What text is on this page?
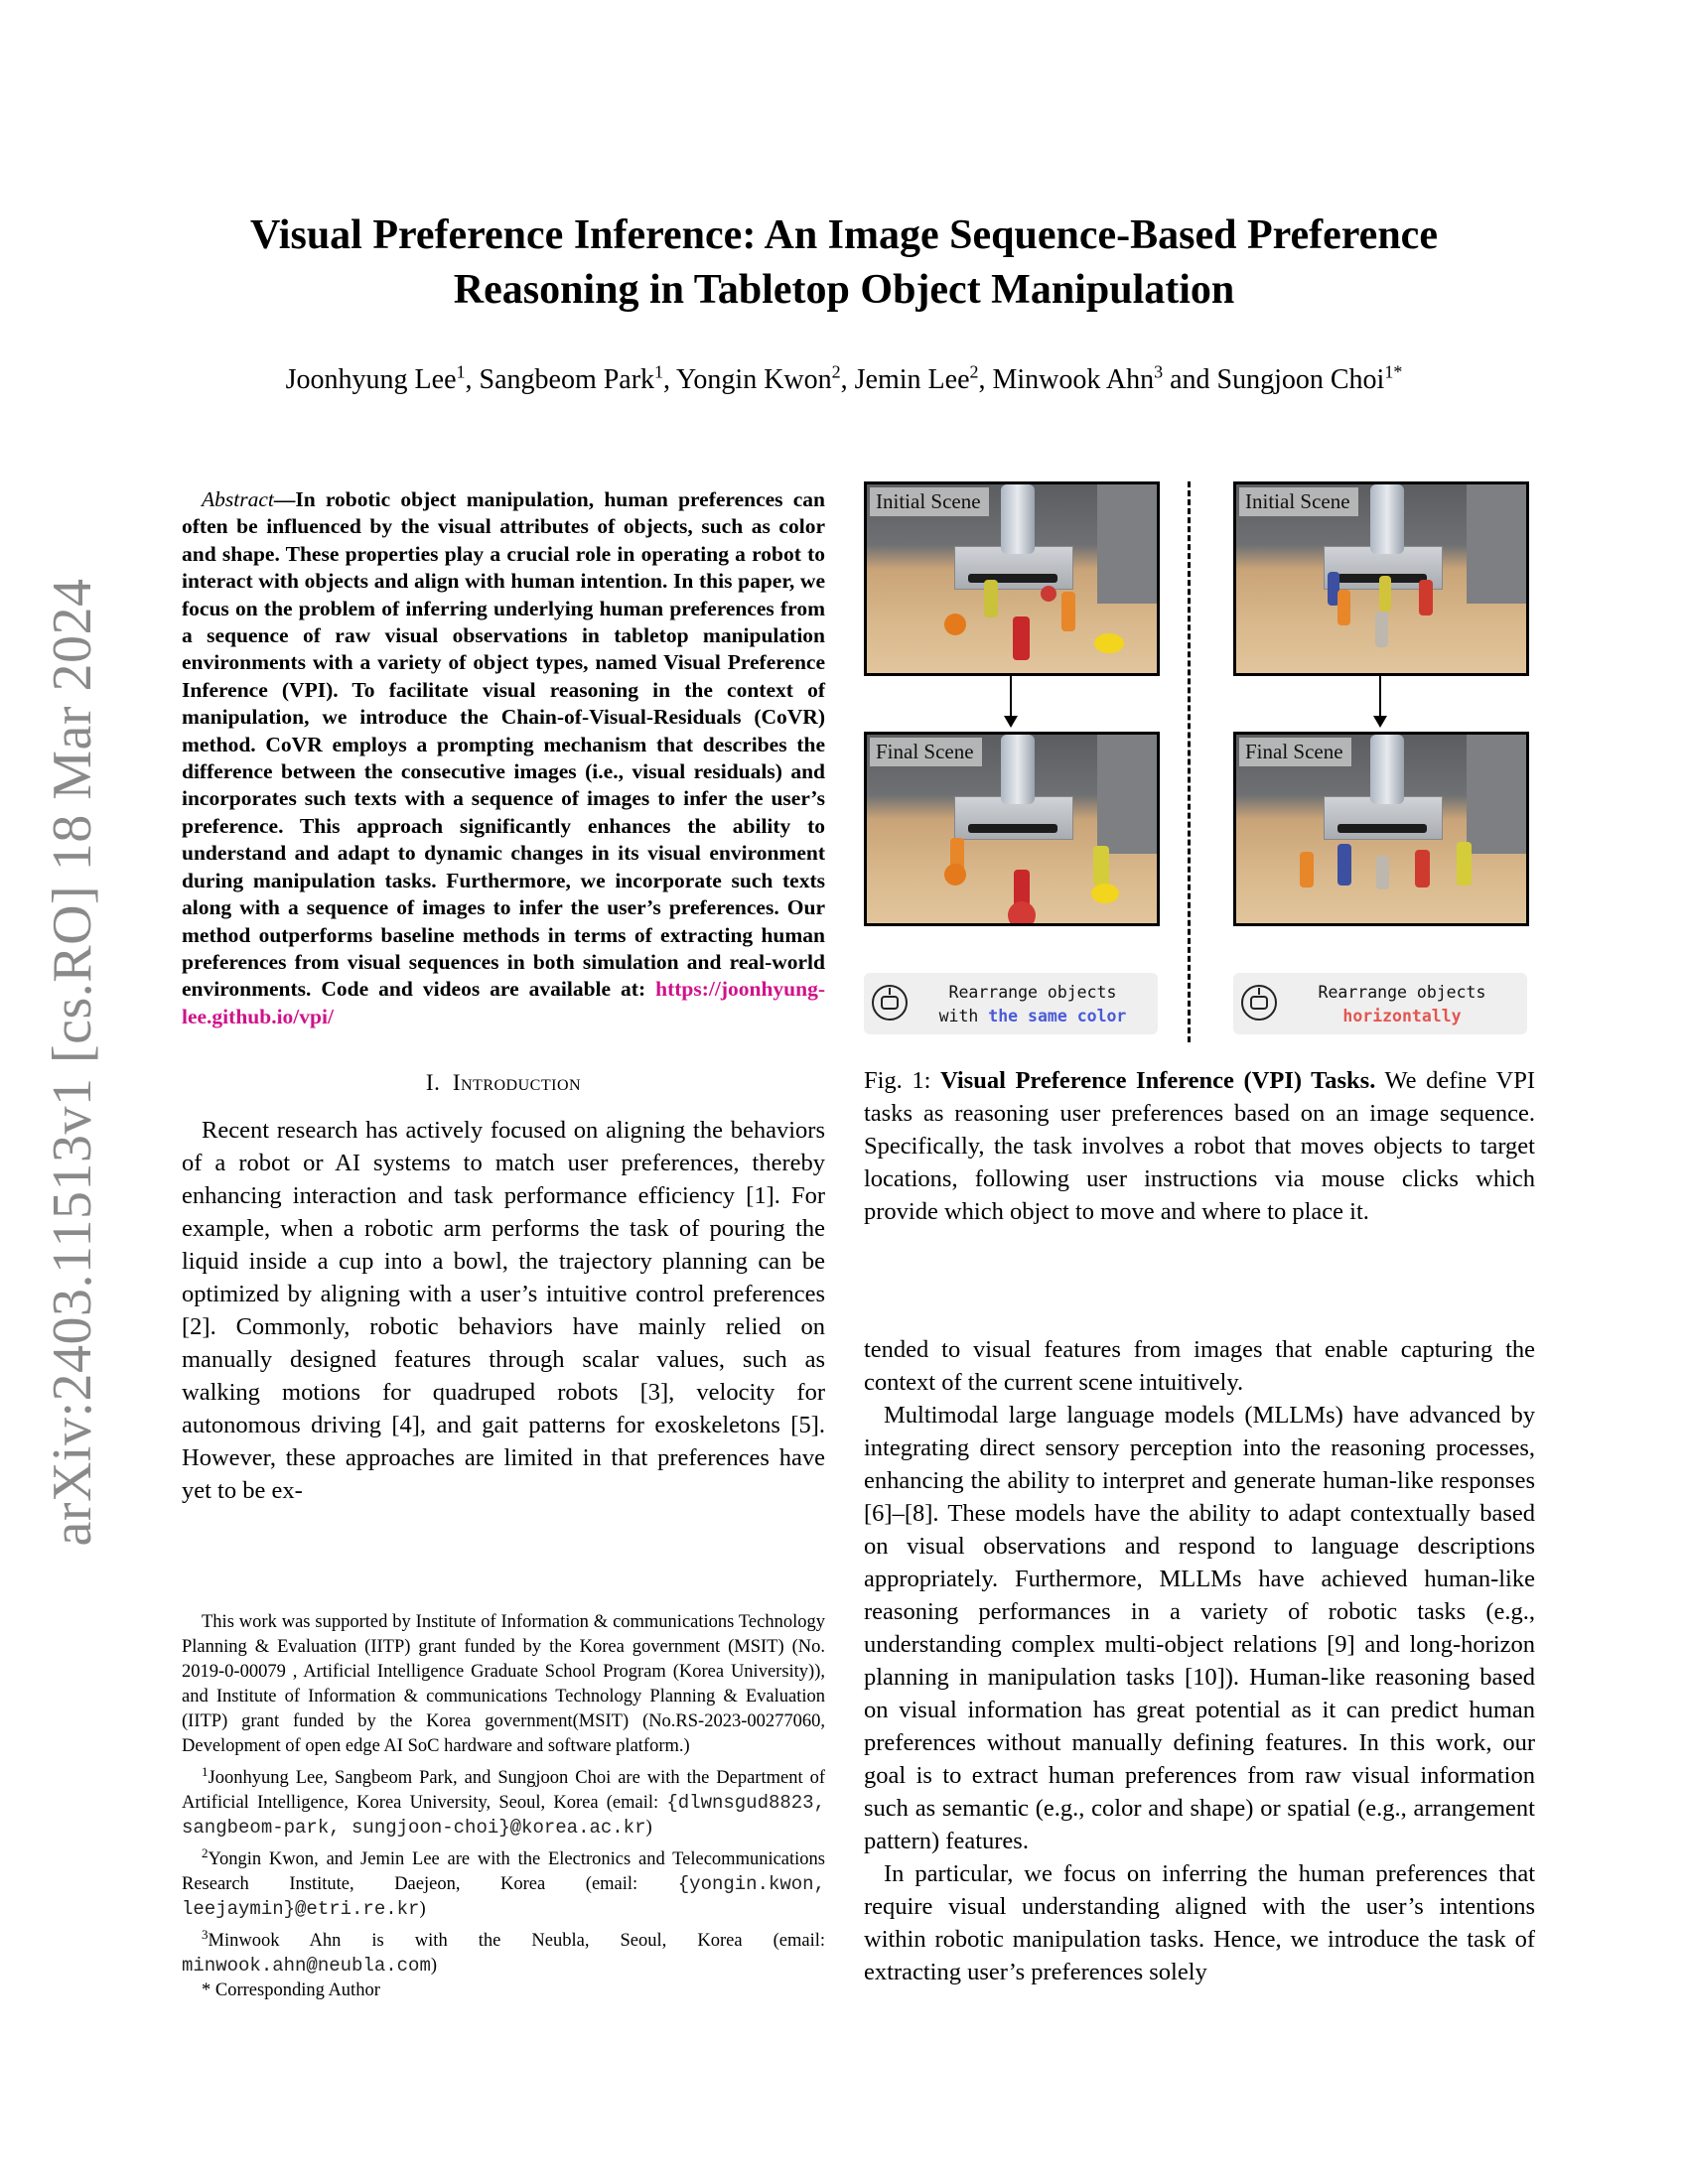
arXiv:2403.11513v1 [cs.RO] 18 Mar 2024
Visual Preference Inference: An Image Sequence-Based Preference
Reasoning in Tabletop Object Manipulation
Joonhyung Lee$^1$, Sangbeom Park$^1$, Yongin Kwon$^2$, Jemin Lee$^2$, Minwook Ahn$^3$ and Sungjoon Choi$^{1*}$

Abstract—In robotic object manipulation, human preferences can often be influenced by the visual attributes of objects, such as color and shape. These properties play a crucial role in operating a robot to interact with objects and align with human intention. In this paper, we focus on the problem of inferring underlying human preferences from a sequence of raw visual observations in tabletop manipulation environments with a variety of object types, named Visual Preference Inference (VPI). To facilitate visual reasoning in the context of manipulation, we introduce the Chain-of-Visual-Residuals (CoVR) method. CoVR employs a prompting mechanism that describes the difference between the consecutive images (i.e., visual residuals) and incorporates such texts with a sequence of images to infer the user’s preference. This approach significantly enhances the ability to understand and adapt to dynamic changes in its visual environment during manipulation tasks. Furthermore, we incorporate such texts along with a sequence of images to infer the user’s preferences. Our method outperforms baseline methods in terms of extracting human preferences from visual sequences in both simulation and real-world environments. Code and videos are available at: https://joonhyung-lee.github.io/vpi/

I. Introduction

Recent research has actively focused on aligning the behaviors of a robot or AI systems to match user preferences, thereby enhancing interaction and task performance efficiency [1]. For example, when a robotic arm performs the task of pouring the liquid inside a cup into a bowl, the trajectory planning can be optimized by aligning with a user’s intuitive control preferences [2]. Commonly, robotic behaviors have mainly relied on manually designed features through scalar values, such as walking motions for quadruped robots [3], velocity for autonomous driving [4], and gait patterns for exoskeletons [5]. However, these approaches are limited in that preferences have yet to be ex-

This work was supported by Institute of Information & communications Technology Planning & Evaluation (IITP) grant funded by the Korea government (MSIT) (No. 2019-0-00079 , Artificial Intelligence Graduate School Program (Korea University)), and Institute of Information & communications Technology Planning & Evaluation (IITP) grant funded by the Korea government(MSIT) (No.RS-2023-00277060, Development of open edge AI SoC hardware and software platform.)

$^1$Joonhyung Lee, Sangbeom Park, and Sungjoon Choi are with the Department of Artificial Intelligence, Korea University, Seoul, Korea (email: {dlwnsgud8823, sangbeom-park, sungjoon-choi}@korea.ac.kr)

$^2$Yongin Kwon, and Jemin Lee are with the Electronics and Telecommunications Research Institute, Daejeon, Korea (email: {yongin.kwon, leejaymin}@etri.re.kr)

$^3$Minwook Ahn is with the Neubla, Seoul, Korea (email: minwook.ahn@neubla.com)

* Corresponding Author

Initial Scene
Final Scene
Rearrange objects
with the same color
Initial Scene
Final Scene
Rearrange objects
horizontally
Fig. 1: Visual Preference Inference (VPI) Tasks. We define VPI tasks as reasoning user preferences based on an image sequence. Specifically, the task involves a robot that moves objects to target locations, following user instructions via mouse clicks which provide which object to move and where to place it.

tended to visual features from images that enable capturing the context of the current scene intuitively.

Multimodal large language models (MLLMs) have advanced by integrating direct sensory perception into the reasoning processes, enhancing the ability to interpret and generate human-like responses [6]–[8]. These models have the ability to adapt contextually based on visual observations and respond to language descriptions appropriately. Furthermore, MLLMs have achieved human-like reasoning performances in a variety of robotic tasks (e.g., understanding complex multi-object relations [9] and long-horizon planning in manipulation tasks [10]). Human-like reasoning based on visual information has great potential as it can predict human preferences without manually defining features. In this work, our goal is to extract human preferences from raw visual information such as semantic (e.g., color and shape) or spatial (e.g., arrangement pattern) features.

In particular, we focus on inferring the human preferences that require visual understanding aligned with the user’s intentions within robotic manipulation tasks. Hence, we introduce the task of extracting user’s preferences solely
